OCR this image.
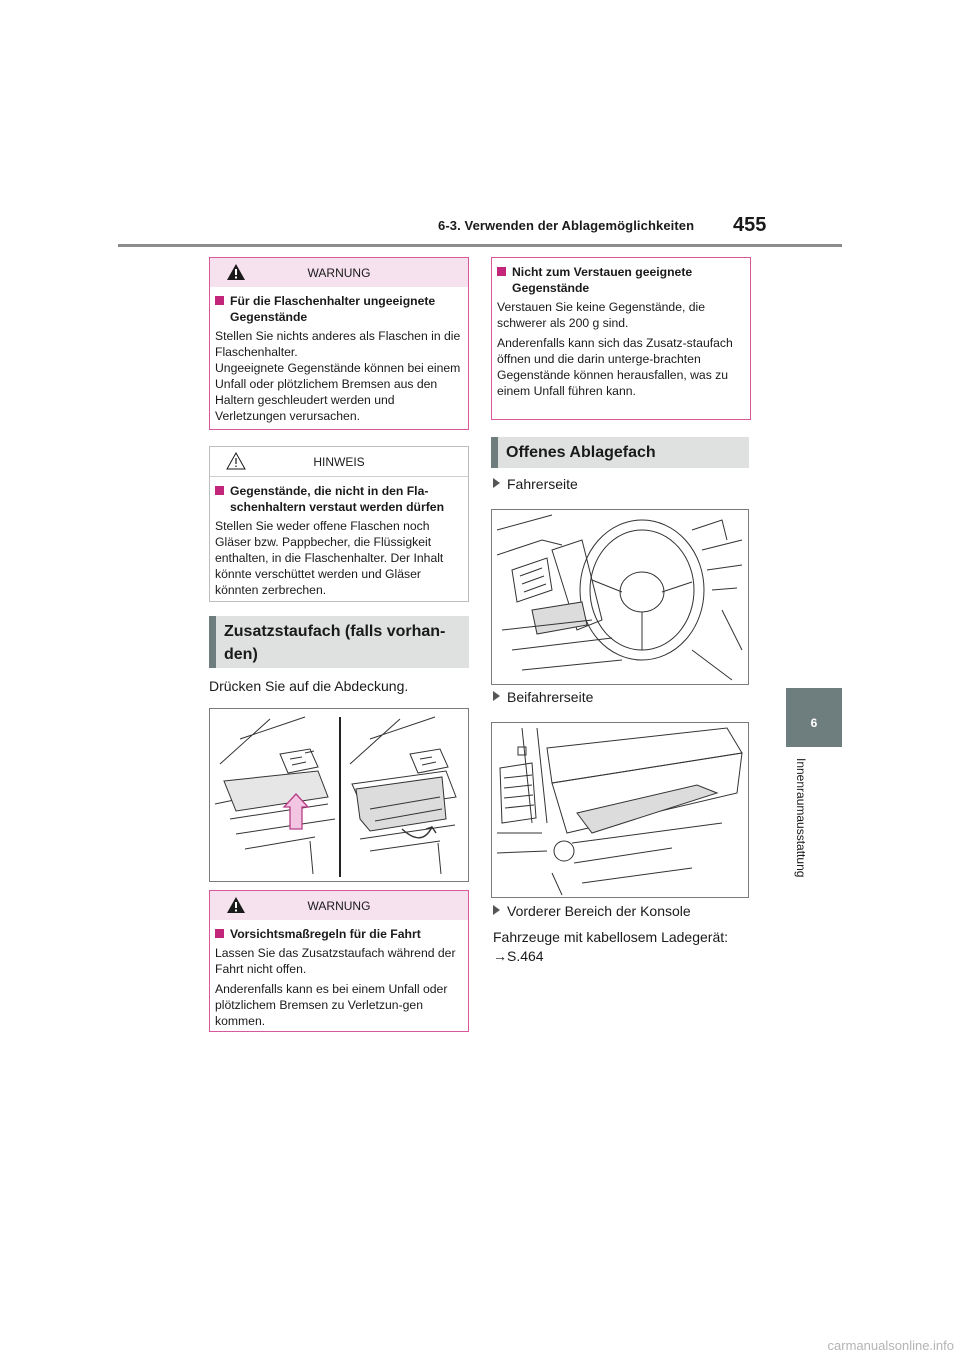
6-3. Verwenden der Ablagemöglichkeiten 455
6
Innenraumausstattung
WARNUNG
Für die Flaschenhalter ungeeignete Gegenstände
Stellen Sie nichts anderes als Flaschen in die Flaschenhalter.
Ungeeignete Gegenstände können bei einem Unfall oder plötzlichem Bremsen aus den Haltern geschleudert werden und Verletzungen verursachen.
HINWEIS
Gegenstände, die nicht in den Fla-
schenhaltern verstaut werden dürfen
Stellen Sie weder offene Flaschen noch Gläser bzw. Pappbecher, die Flüssigkeit enthalten, in die Flaschenhalter. Der Inhalt könnte verschüttet werden und Gläser könnten zerbrechen.
Zusatzstaufach (falls vorhan-
den)
Drücken Sie auf die Abdeckung.
WARNUNG
Vorsichtsmaßregeln für die Fahrt
Lassen Sie das Zusatzstaufach während der Fahrt nicht offen.
Anderenfalls kann es bei einem Unfall oder plötzlichem Bremsen zu Verletzun-gen kommen.
Nicht zum Verstauen geeignete Gegenstände
Verstauen Sie keine Gegenstände, die schwerer als 200 g sind.
Anderenfalls kann sich das Zusatz-staufach öffnen und die darin unterge-brachten Gegenstände können herausfallen, was zu einem Unfall führen kann.
Offenes Ablagefach
Fahrerseite
Beifahrerseite
Vorderer Bereich der Konsole
Fahrzeuge mit kabellosem Ladegerät:
→S.464
carmanualsonline.info
